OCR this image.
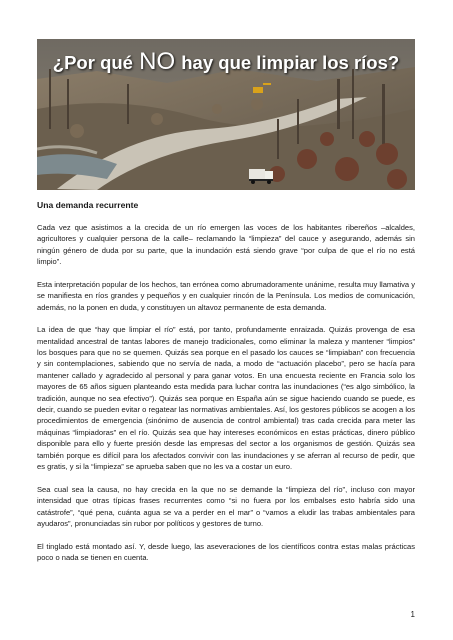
¿Por qué NO hay que limpiar los ríos?
Una demanda recurrente

Cada vez que asistimos a la crecida de un río emergen las voces de los habitantes ribereños –alcaldes, agricultores y cualquier persona de la calle– reclamando la “limpieza” del cauce y asegurando, además sin ningún género de duda por su parte, que la inundación está siendo grave “por culpa de que el río no está limpio”.

Esta interpretación popular de los hechos, tan errónea como abrumadoramente unánime, resulta muy llamativa y se manifiesta en ríos grandes y pequeños y en cualquier rincón de la Península. Los medios de comunicación, además, no la ponen en duda, y constituyen un altavoz permanente de esta demanda.

La idea de que “hay que limpiar el río” está, por tanto, profundamente enraizada. Quizás provenga de esa mentalidad ancestral de tantas labores de manejo tradicionales, como eliminar la maleza y mantener “limpios” los bosques para que no se quemen. Quizás sea porque en el pasado los cauces se “limpiaban” con frecuencia y sin contemplaciones, sabiendo que no servía de nada, a modo de “actuación placebo”, pero se hacía para mantener callado y agradecido al personal y para ganar votos. En una encuesta reciente en Francia solo los mayores de 65 años siguen planteando esta medida para luchar contra las inundaciones (“es algo simbólico, la tradición, aunque no sea efectivo”). Quizás sea porque en España aún se sigue haciendo cuando se puede, es decir, cuando se pueden evitar o regatear las normativas ambientales. Así, los gestores públicos se acogen a los procedimientos de emergencia (sinónimo de ausencia de control ambiental) tras cada crecida para meter las máquinas “limpiadoras” en el río. Quizás sea que hay intereses económicos en estas prácticas, dinero público disponible para ello y fuerte presión desde las empresas del sector a los organismos de gestión. Quizás sea también porque es difícil para los afectados convivir con las inundaciones y se aferran al recurso de pedir, que es gratis, y si la “limpieza” se aprueba saben que no les va a costar un euro.

Sea cual sea la causa, no hay crecida en la que no se demande la “limpieza del río”, incluso con mayor intensidad que otras típicas frases recurrentes como “si no fuera por los embalses esto habría sido una catástrofe”, “qué pena, cuánta agua se va a perder en el mar” o “vamos a eludir las trabas ambientales para ayudaros”, pronunciadas sin rubor por políticos y gestores de turno.

El tinglado está montado así. Y, desde luego, las aseveraciones de los científicos contra estas malas prácticas poco o nada se tienen en cuenta.

1
